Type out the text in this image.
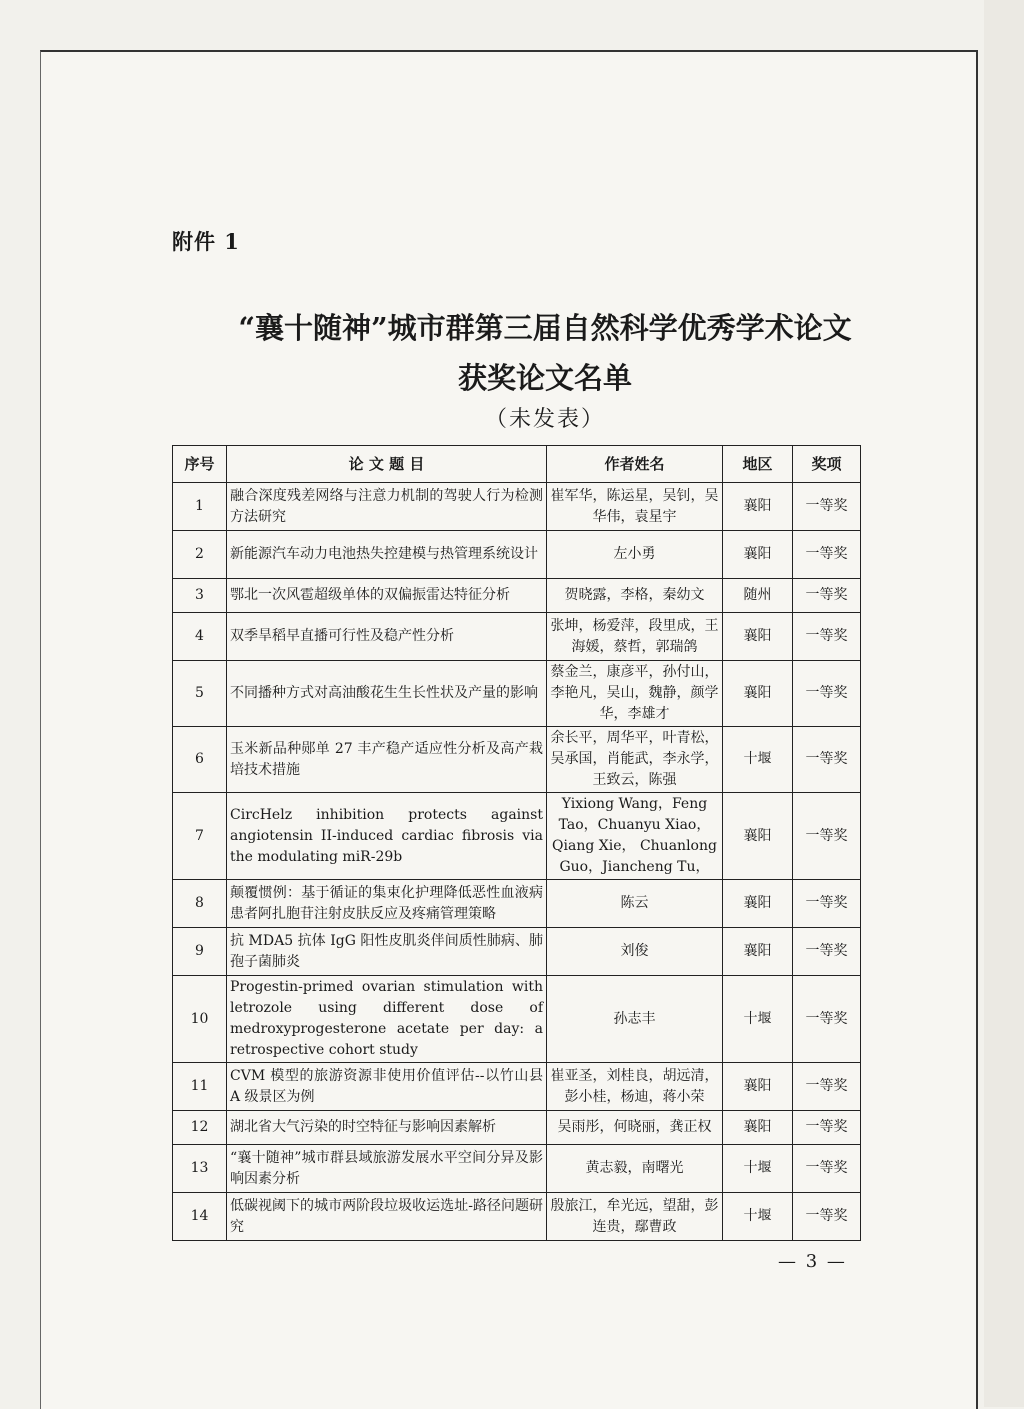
附件 1
“襄十随神”城市群第三届自然科学优秀学术论文
获奖论文名单
（未发表）
序号	论 文 题 目	作者姓名	地区	奖项
1	融合深度残差网络与注意力机制的驾驶人行为检测方法研究	崔军华，陈运星，吴钊，吴华伟，袁星宇	襄阳	一等奖
2	新能源汽车动力电池热失控建模与热管理系统设计	左小勇	襄阳	一等奖
3	鄂北一次风雹超级单体的双偏振雷达特征分析	贺晓露，李格，秦幼文	随州	一等奖
4	双季旱稻早直播可行性及稳产性分析	张坤，杨爱萍，段里成，王海媛，蔡哲，郭瑞鸽	襄阳	一等奖
5	不同播种方式对高油酸花生生长性状及产量的影响	蔡金兰，康彦平，孙付山，李艳凡，吴山，魏静，颜学华，李雄才	襄阳	一等奖
6	玉米新品种郧单 27 丰产稳产适应性分析及高产栽培技术措施	余长平，周华平，叶青松，吴承国，肖能武，李永学，王致云，陈强	十堰	一等奖
7	CircHelz inhibition protects against angiotensin II-induced cardiac fibrosis via the modulating miR-29b	Yixiong Wang，Feng Tao，Chuanyu Xiao， Qiang Xie， Chuanlong Guo，Jiancheng Tu，	襄阳	一等奖
8	颠覆惯例：基于循证的集束化护理降低恶性血液病患者阿扎胞苷注射皮肤反应及疼痛管理策略	陈云	襄阳	一等奖
9	抗 MDA5 抗体 IgG 阳性皮肌炎伴间质性肺病、肺孢子菌肺炎	刘俊	襄阳	一等奖
10	Progestin-primed ovarian stimulation with letrozole using different dose of medroxyprogesterone acetate per day: a retrospective cohort study	孙志丰	十堰	一等奖
11	CVM 模型的旅游资源非使用价值评估--以竹山县 A 级景区为例	崔亚圣，刘桂良，胡远清，彭小桂，杨迪，蒋小荣	襄阳	一等奖
12	湖北省大气污染的时空特征与影响因素解析	吴雨彤，何晓丽，龚正权	襄阳	一等奖
13	“襄十随神”城市群县域旅游发展水平空间分异及影响因素分析	黄志毅，南曙光	十堰	一等奖
14	低碳视阈下的城市两阶段垃圾收运选址-路径问题研究	殷旅江，牟光远，望甜，彭连贵，鄢曹政	十堰	一等奖
— 3 —
